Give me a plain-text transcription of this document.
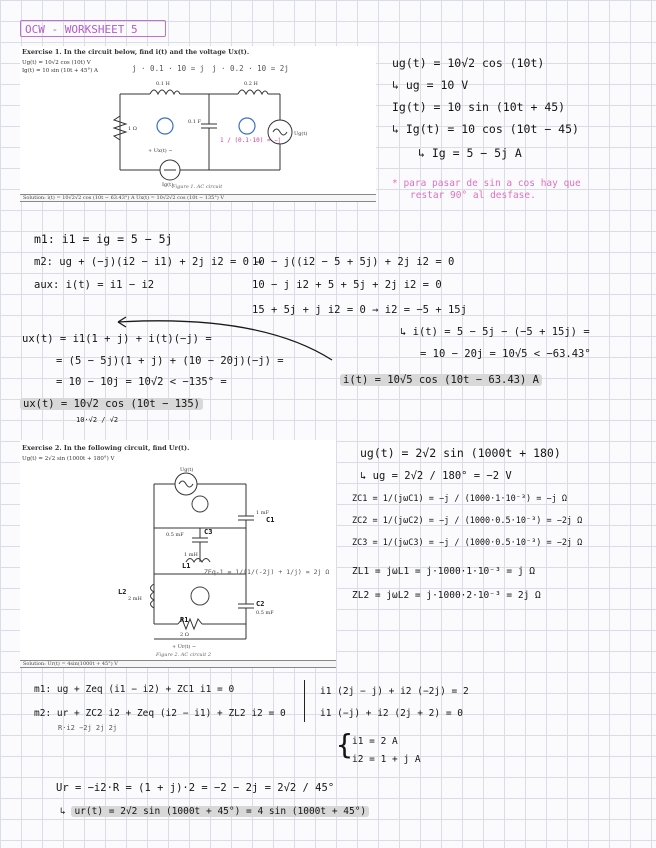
OCW - WORKSHEET 5
Exercise 1. In the circuit below, find i(t) and the voltage Ux(t).
Ug(t) = 10√2 cos (10t) V
Ig(t) = 10 sin (10t + 45°) A	j · 0.1 · 10 = j j · 0.2 · 10 = 2j
0.1 H	0.2 H
0.1 F
1 Ω
Ig(t)
Ug(t)
+ Ux(t) −
1 / (0.1·10) = −j
Figure 1. AC circuit
Solution: i(t) = 10√2√2 cos (10t − 63.43°) A Ux(t) = 10√2√2 cos (10t − 135°) V
ug(t) = 10√2 cos (10t)
↳ ug = 10 V
Ig(t) = 10 sin (10t + 45)
↳ Ig(t) = 10 cos (10t − 45)
↳ Ig = 5 − 5j A
* para pasar de sin a cos hay que
restar 90° al desfase.
m1: i1 = ig = 5 − 5j
m2: ug + (−j)(i2 − i1) + 2j i2 = 0 →
aux: i(t) = i1 − i2
10 − j((i2 − 5 + 5j) + 2j i2 = 0
10 − j i2 + 5 + 5j + 2j i2 = 0
15 + 5j + j i2 = 0 → i2 = −5 + 15j
↳ i(t) = 5 − 5j − (−5 + 15j) =
= 10 − 20j = 10√5 < −63.43°
i(t) = 10√5 cos (10t − 63.43) A
ux(t) = i1(1 + j) + i(t)(−j) =
= (5 − 5j)(1 + j) + (10 − 20j)(−j) =
= 10 − 10j = 10√2 < −135° =
ux(t) = 10√2 cos (10t − 135)
10·√2 / √2
Exercise 2. In the following circuit, find Ur(t).
Ug(t) = 2√2 sin (1000t + 180°) V
Ug(t)
0.5 mF
1 mF
0.5 mF
1 mH
2 mH
2 Ω
+ Ur(t) −
C3
C1
C2
L1
L2
R1
ZEq-1 = 1/(1/(-2j) + 1/j) = 2j Ω
Figure 2. AC circuit 2
Solution: Ur(t) = 4sin(1000t + 45°) V
ug(t) = 2√2 sin (1000t + 180)
↳ ug = 2√2 / 180° = −2 V
ZC1 = 1/(jωC1) = −j / (1000·1·10⁻³) = −j Ω
ZC2 = 1/(jωC2) = −j / (1000·0.5·10⁻³) = −2j Ω
ZC3 = 1/(jωC3) = −j / (1000·0.5·10⁻³) = −2j Ω
ZL1 = jωL1 = j·1000·1·10⁻³ = j Ω
ZL2 = jωL2 = j·1000·2·10⁻³ = 2j Ω
m1: ug + Zeq (i1 − i2) + ZC1 i1 = 0
m2: ur + ZC2 i2 + Zeq (i2 − i1) + ZL2 i2 = 0
R·i2 −2j 2j 2j
i1 (2j − j) + i2 (−2j) = 2
i1 (−j) + i2 (2j + 2) = 0
{ i1 = 2 A
i2 = 1 + j A
Ur = −i2·R = (1 + j)·2 = −2 − 2j = 2√2 / 45°
↳ ur(t) = 2√2 sin (1000t + 45°) = 4 sin (1000t + 45°)
